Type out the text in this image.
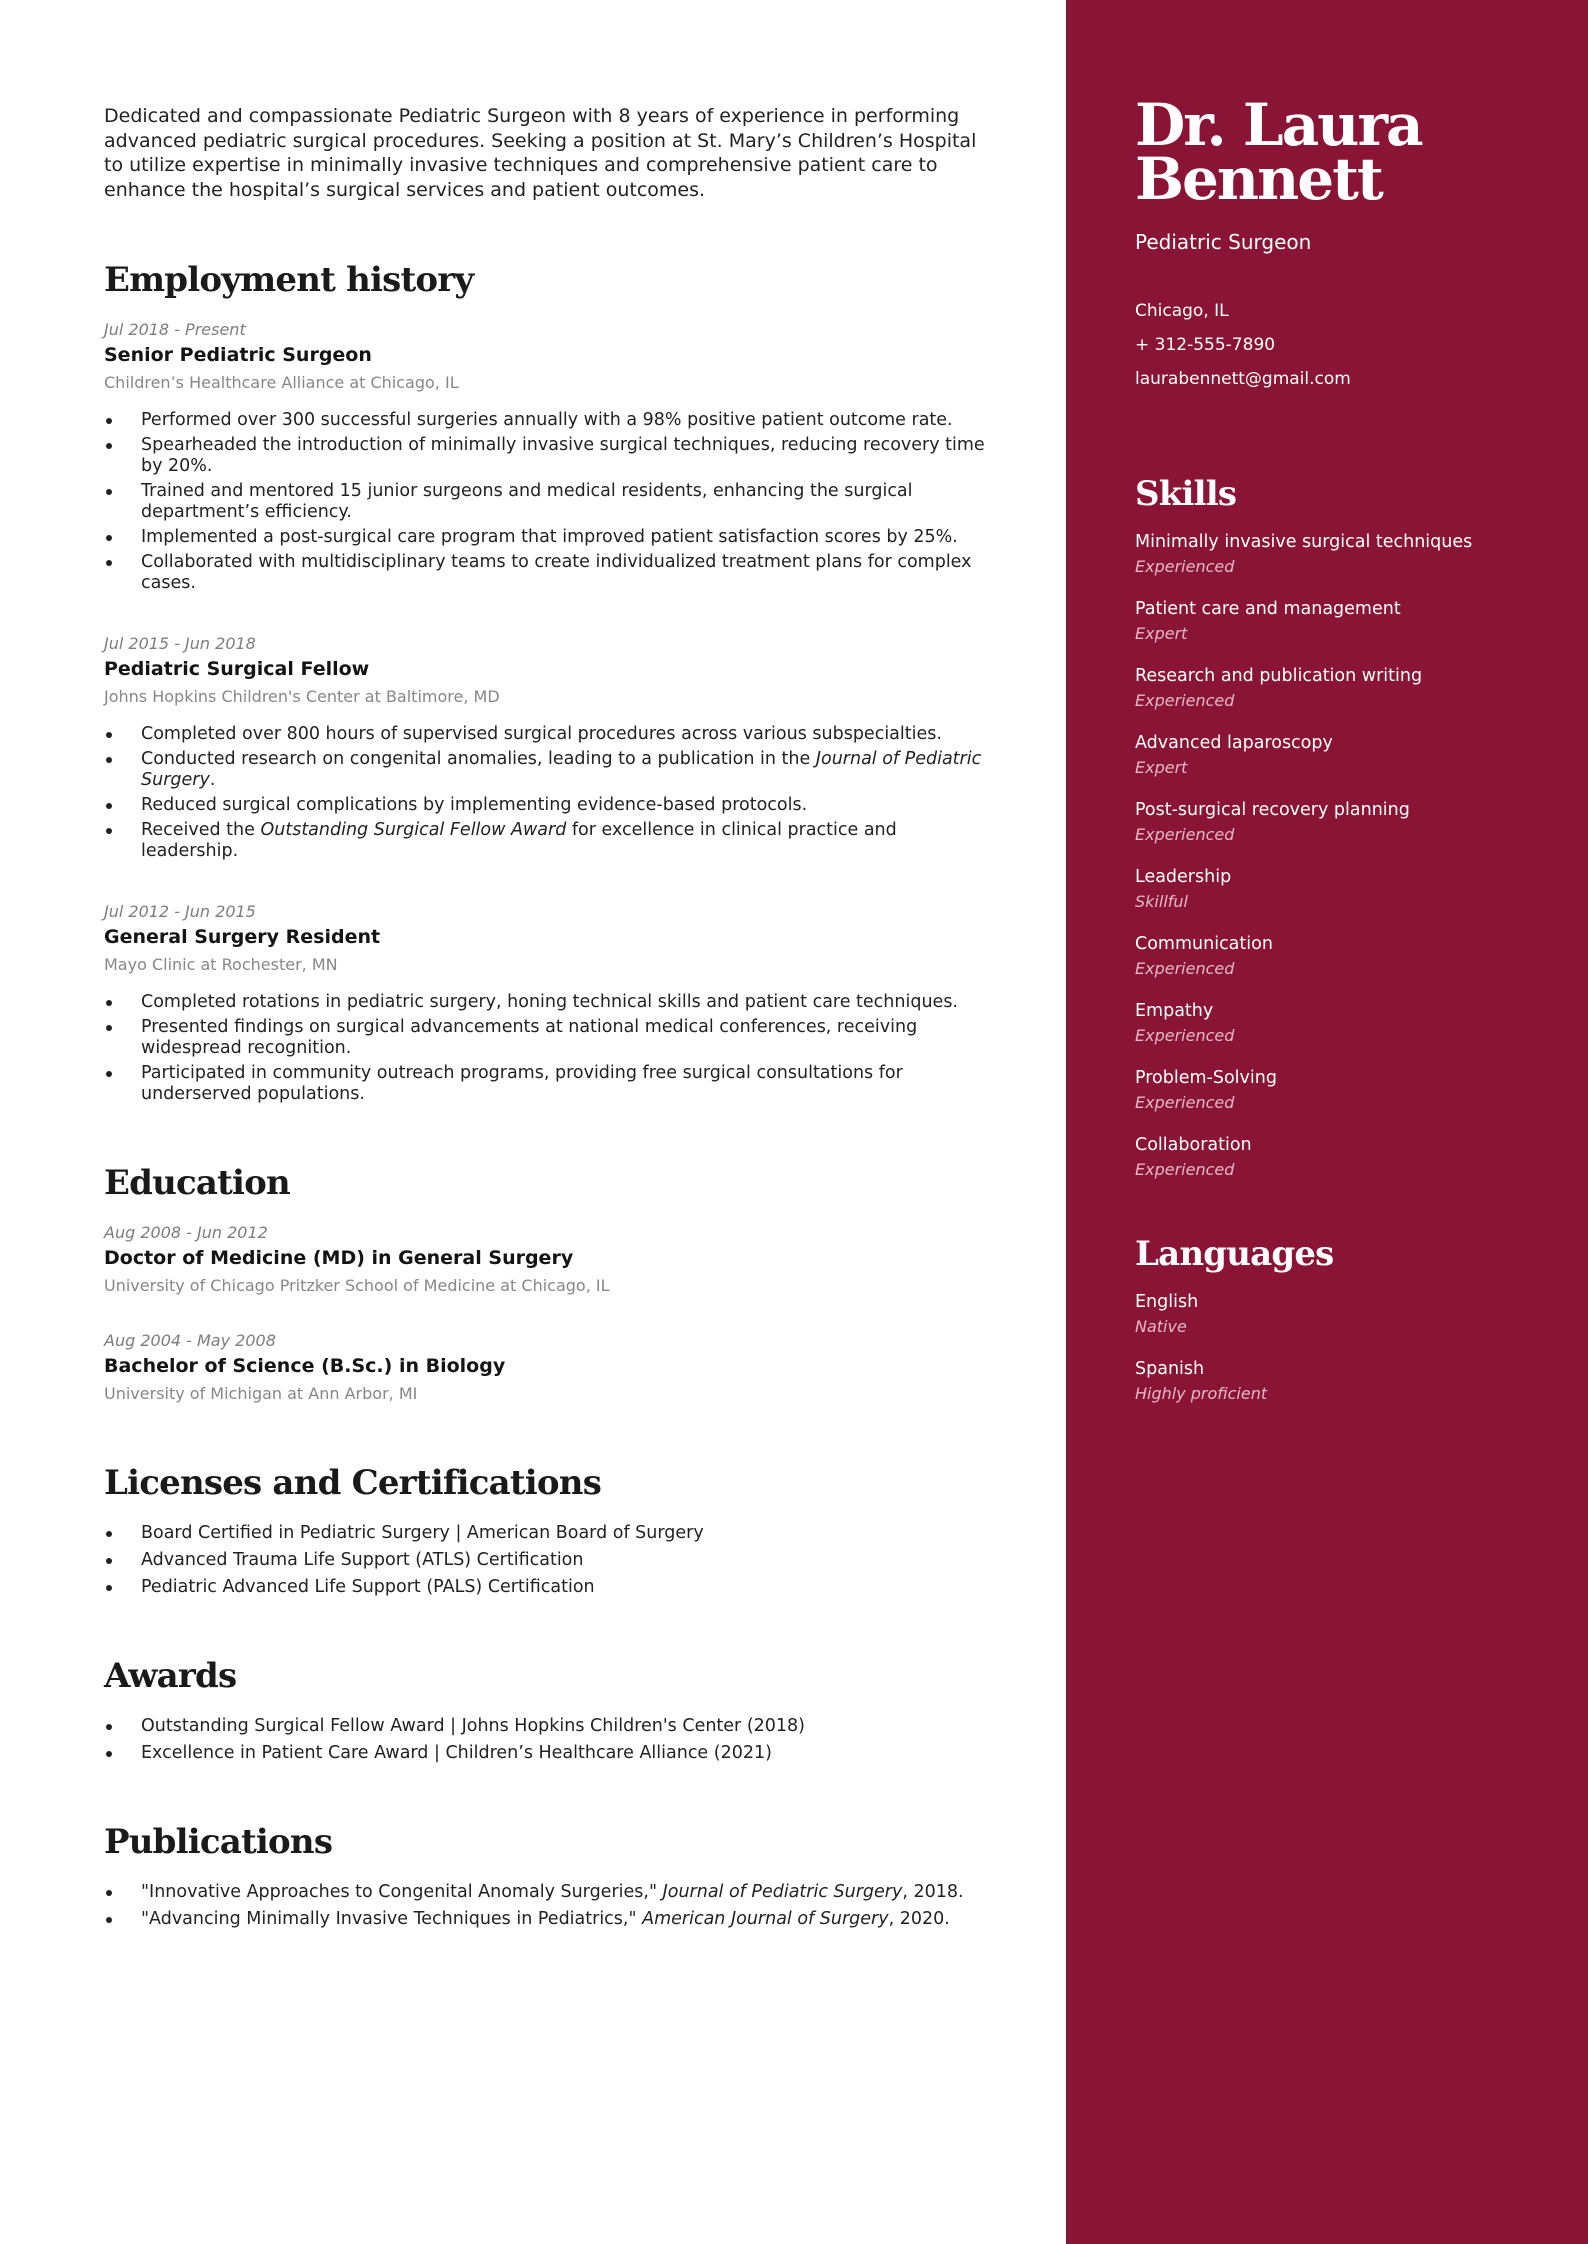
Dedicated and compassionate Pediatric Surgeon with 8 years of experience in performing advanced pediatric surgical procedures. Seeking a position at St. Mary’s Children’s Hospital to utilize expertise in minimally invasive techniques and comprehensive patient care to enhance the hospital’s surgical services and patient outcomes.

Employment history
Jul 2018 - Present
Senior Pediatric Surgeon
Children’s Healthcare Alliance at Chicago, IL
Performed over 300 successful surgeries annually with a 98% positive patient outcome rate.
Spearheaded the introduction of minimally invasive surgical techniques, reducing recovery time by 20%.
Trained and mentored 15 junior surgeons and medical residents, enhancing the surgical department’s efficiency.
Implemented a post-surgical care program that improved patient satisfaction scores by 25%.
Collaborated with multidisciplinary teams to create individualized treatment plans for complex cases.
Jul 2015 - Jun 2018
Pediatric Surgical Fellow
Johns Hopkins Children's Center at Baltimore, MD
Completed over 800 hours of supervised surgical procedures across various subspecialties.
Conducted research on congenital anomalies, leading to a publication in the Journal of Pediatric Surgery.
Reduced surgical complications by implementing evidence-based protocols.
Received the Outstanding Surgical Fellow Award for excellence in clinical practice and leadership.
Jul 2012 - Jun 2015
General Surgery Resident
Mayo Clinic at Rochester, MN
Completed rotations in pediatric surgery, honing technical skills and patient care techniques.
Presented findings on surgical advancements at national medical conferences, receiving widespread recognition.
Participated in community outreach programs, providing free surgical consultations for underserved populations.
Education
Aug 2008 - Jun 2012
Doctor of Medicine (MD) in General Surgery
University of Chicago Pritzker School of Medicine at Chicago, IL
Aug 2004 - May 2008
Bachelor of Science (B.Sc.) in Biology
University of Michigan at Ann Arbor, MI
Licenses and Certifications
Board Certified in Pediatric Surgery | American Board of Surgery
Advanced Trauma Life Support (ATLS) Certification
Pediatric Advanced Life Support (PALS) Certification
Awards
Outstanding Surgical Fellow Award | Johns Hopkins Children's Center (2018)
Excellence in Patient Care Award | Children’s Healthcare Alliance (2021)
Publications
"Innovative Approaches to Congenital Anomaly Surgeries," Journal of Pediatric Surgery, 2018.
"Advancing Minimally Invasive Techniques in Pediatrics," American Journal of Surgery, 2020.
Dr. Laura
Bennett
Pediatric Surgeon
Chicago, IL
+ 312-555-7890
laurabennett@gmail.com
Skills
Minimally invasive surgical techniques
Experienced
Patient care and management
Expert
Research and publication writing
Experienced
Advanced laparoscopy
Expert
Post-surgical recovery planning
Experienced
Leadership
Skillful
Communication
Experienced
Empathy
Experienced
Problem-Solving
Experienced
Collaboration
Experienced
Languages
English
Native
Spanish
Highly proficient
